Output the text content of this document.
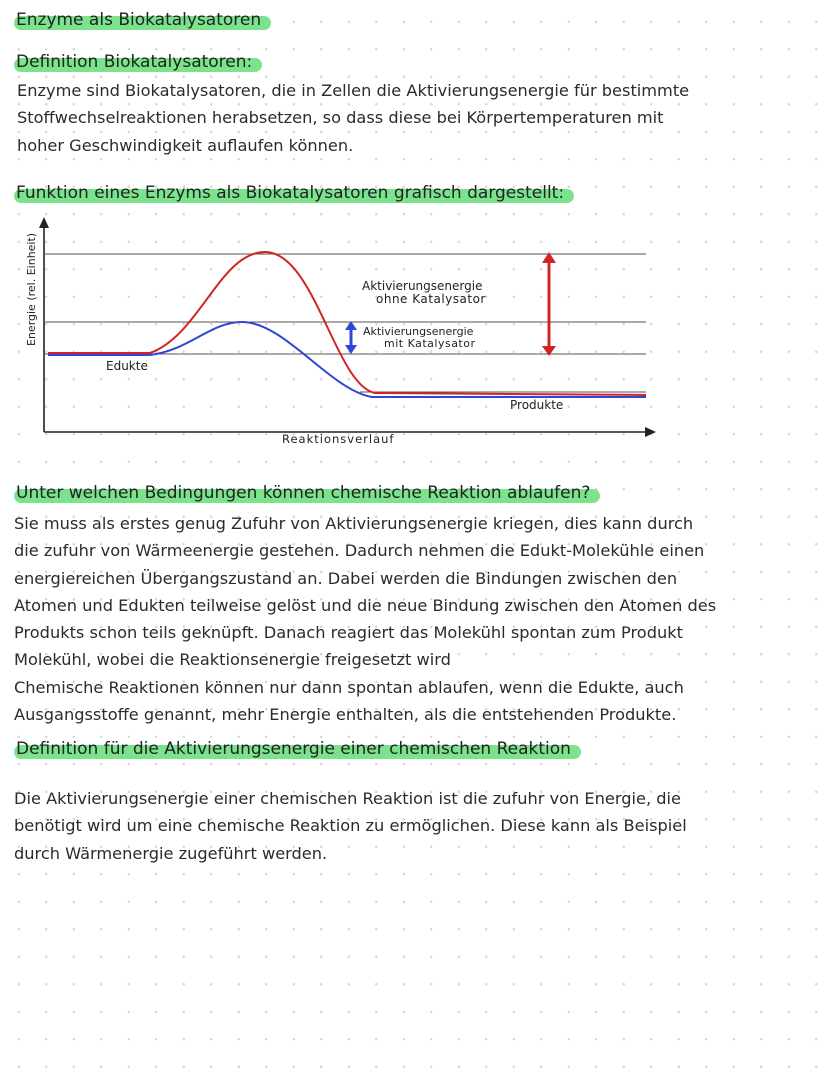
Enzyme als Biokatalysatoren
Definition Biokatalysatoren:
Enzyme sind Biokatalysatoren, die in Zellen die Aktivierungsenergie für bestimmte
Stoffwechselreaktionen herabsetzen, so dass diese bei Körpertemperaturen mit
hoher Geschwindigkeit auflaufen können.
Funktion eines Enzyms als Biokatalysatoren grafisch dargestellt:
Aktivierungsenergie
ohne Katalysator
Aktivierungsenergie
mit Katalysator
Edukte
Produkte
Reaktionsverlauf
Energie (rel. Einheit)
Unter welchen Bedingungen können chemische Reaktion ablaufen?
Sie muss als erstes genug Zufuhr von Aktivierungsenergie kriegen, dies kann durch
die zufuhr von Wärmeenergie gestehen. Dadurch nehmen die Edukt-Molekühle einen
energiereichen Übergangszustand an. Dabei werden die Bindungen zwischen den
Atomen und Edukten teilweise gelöst und die neue Bindung zwischen den Atomen des
Produkts schon teils geknüpft. Danach reagiert das Molekühl spontan zum Produkt
Molekühl, wobei die Reaktionsenergie freigesetzt wird
Chemische Reaktionen können nur dann spontan ablaufen, wenn die Edukte, auch
Ausgangsstoffe genannt, mehr Energie enthalten, als die entstehenden Produkte.
Definition für die Aktivierungsenergie einer chemischen Reaktion
Die Aktivierungsenergie einer chemischen Reaktion ist die zufuhr von Energie, die
benötigt wird um eine chemische Reaktion zu ermöglichen. Diese kann als Beispiel
durch Wärmenergie zugeführt werden.
